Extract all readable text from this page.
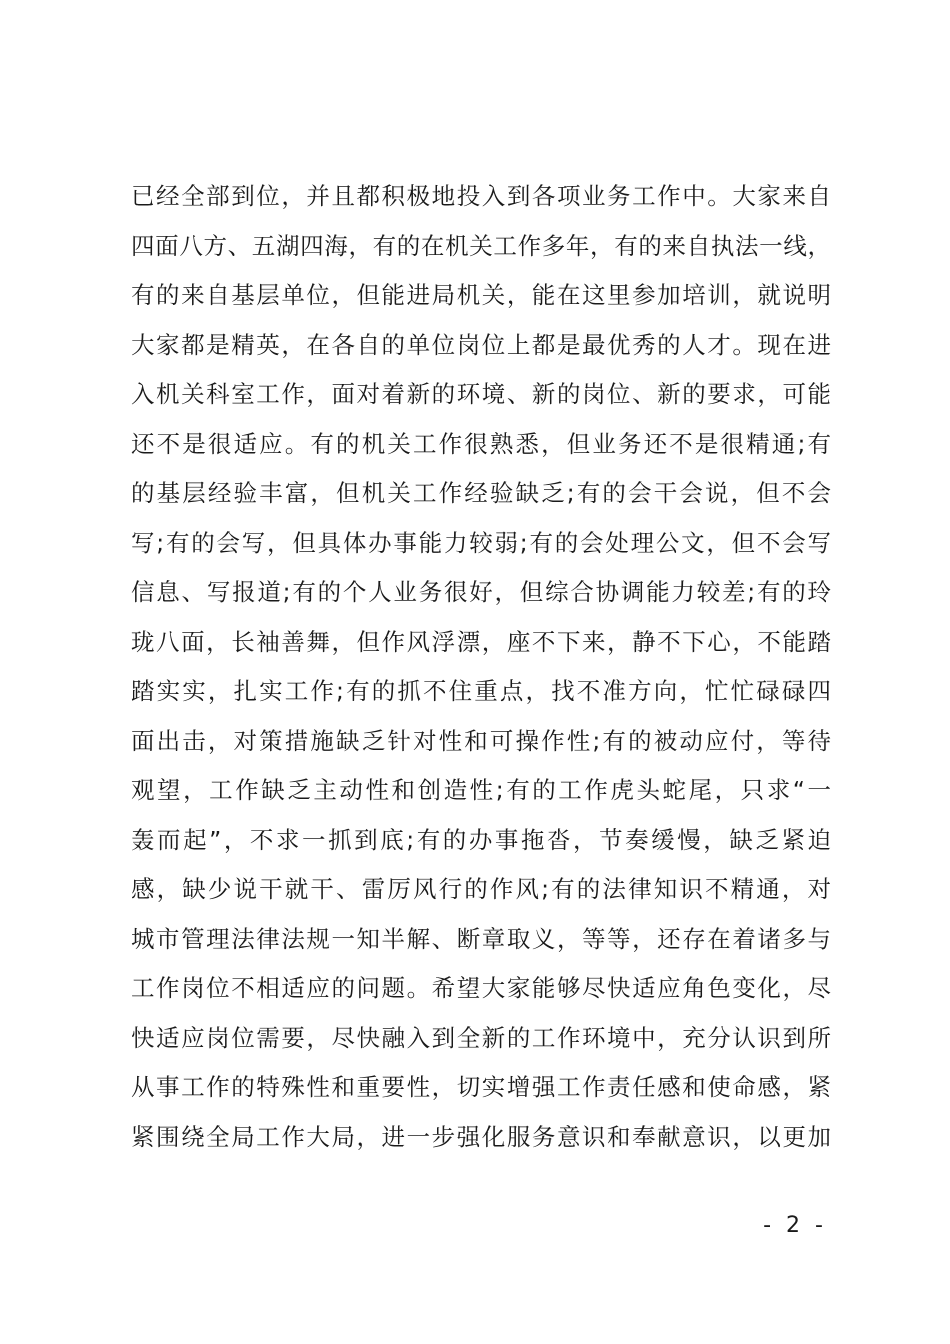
已经全部到位，并且都积极地投入到各项业务工作中。大家来自
四面八方、五湖四海，有的在机关工作多年，有的来自执法一线，
有的来自基层单位，但能进局机关，能在这里参加培训，就说明
大家都是精英，在各自的单位岗位上都是最优秀的人才。现在进
入机关科室工作，面对着新的环境、新的岗位、新的要求，可能
还不是很适应。有的机关工作很熟悉，但业务还不是很精通;有
的基层经验丰富，但机关工作经验缺乏;有的会干会说，但不会
写;有的会写，但具体办事能力较弱;有的会处理公文，但不会写
信息、写报道;有的个人业务很好，但综合协调能力较差;有的玲
珑八面，长袖善舞，但作风浮漂，座不下来，静不下心，不能踏
踏实实，扎实工作;有的抓不住重点，找不准方向，忙忙碌碌四
面出击，对策措施缺乏针对性和可操作性;有的被动应付，等待
观望，工作缺乏主动性和创造性;有的工作虎头蛇尾，只求“一
轰而起”，不求一抓到底;有的办事拖沓，节奏缓慢，缺乏紧迫
感，缺少说干就干、雷厉风行的作风;有的法律知识不精通，对
城市管理法律法规一知半解、断章取义，等等，还存在着诸多与
工作岗位不相适应的问题。希望大家能够尽快适应角色变化，尽
快适应岗位需要，尽快融入到全新的工作环境中，充分认识到所
从事工作的特殊性和重要性，切实增强工作责任感和使命感，紧
紧围绕全局工作大局，进一步强化服务意识和奉献意识，以更加
- 2 -
